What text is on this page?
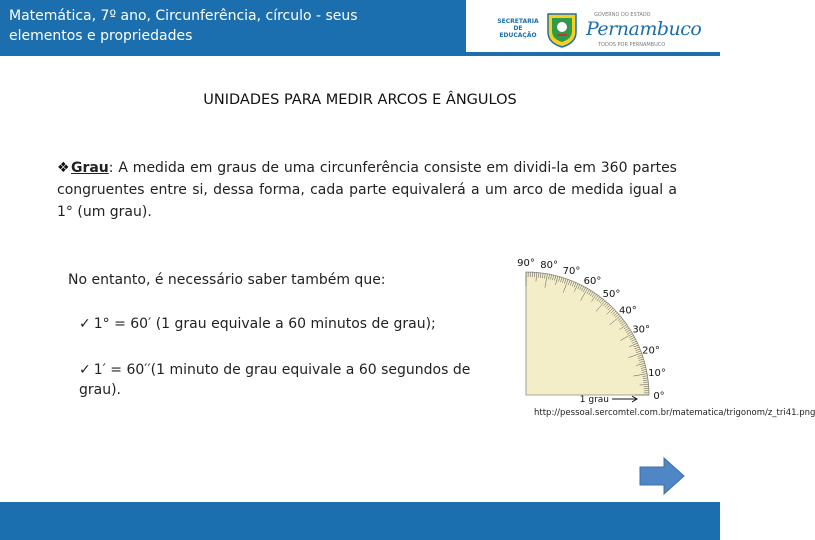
Matemática, 7º ano, Circunferência, círculo - seus
elementos e propriedades
SECRETARIA
DE EDUCAÇÃO
GOVERNO DO ESTADO
Pernambuco
TODOS POR PERNAMBUCO
UNIDADES PARA MEDIR ARCOS E ÂNGULOS
❖Grau: A medida em graus de uma circunferência consiste em dividi-la em 360 partes congruentes entre si, dessa forma, cada parte equivalerá a um arco de medida igual a 1° (um grau).
No entanto, é necessário saber também que:
✓ 1° = 60′ (1 grau equivale a 60 minutos de grau);
✓ 1′ = 60′′(1 minuto de grau equivale a 60 segundos de grau).
90° 80°
70°
60°
50°
40°
30°
20°
10°
0°
1 grau
http://pessoal.sercomtel.com.br/matematica/trigonom/z_tri41.png
